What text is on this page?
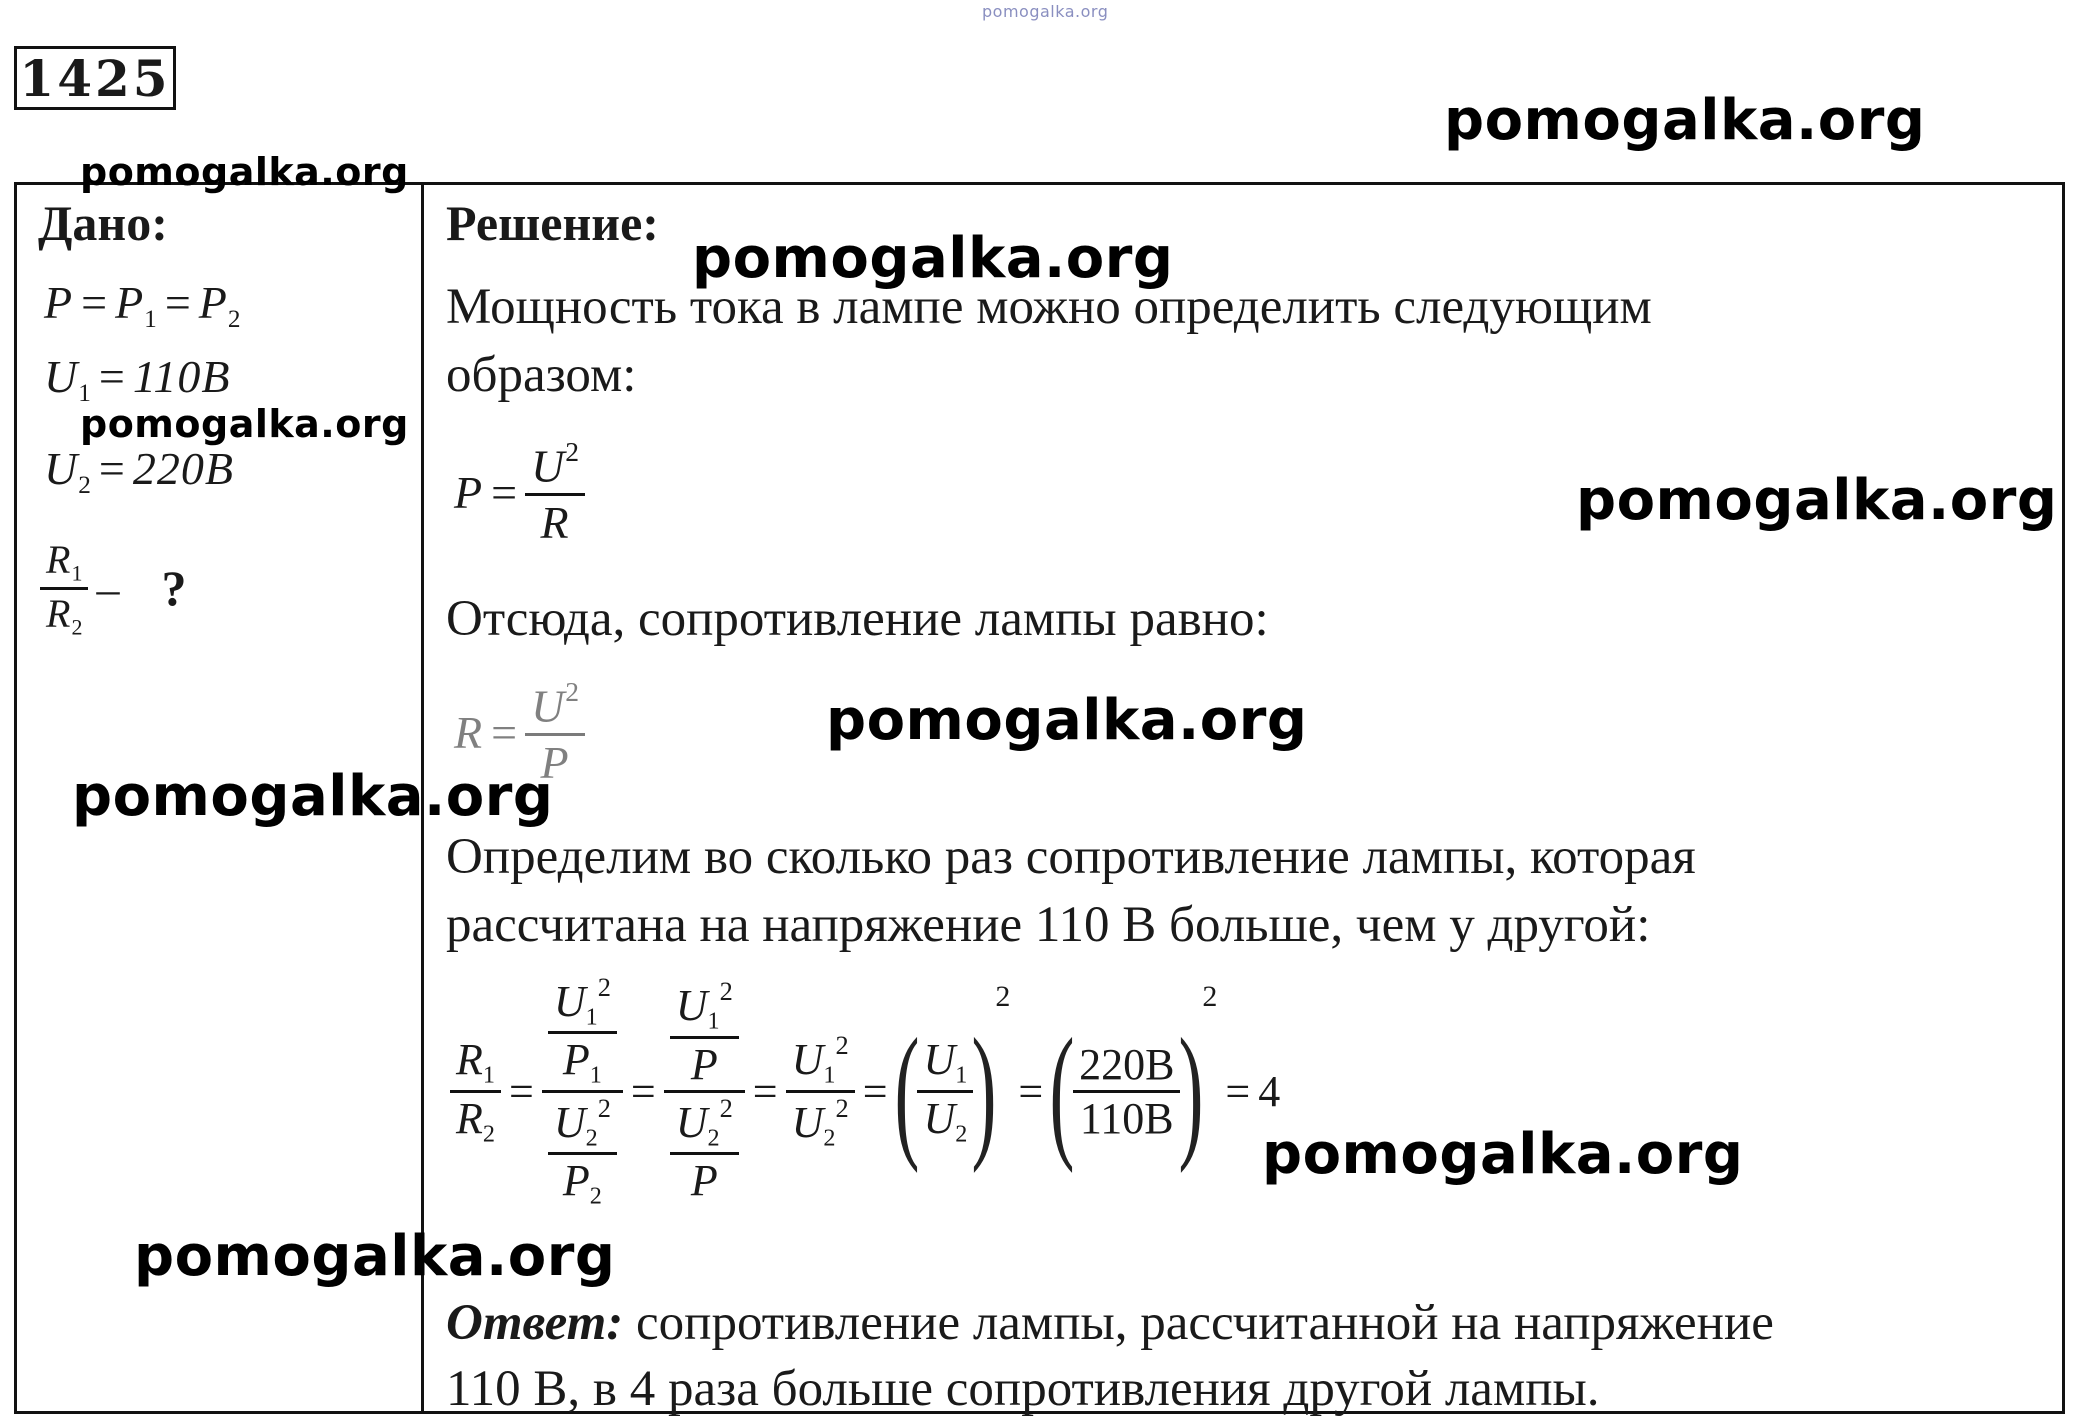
pomogalka.org
1425
Дано:
$P = P_1 = P_2$
$U_1 = 110B$
$U_2 = 220B$
$\frac{R_1}{R_2}$ – ?
Решение:
Мощность тока в лампе можно определить следующим
образом:
$P = \frac{U^2}{R}$
Отсюда, сопротивление лампы равно:
$R = \frac{U^2}{P}$
Определим во сколько раз сопротивление лампы, которая
рассчитана на напряжение 110 В больше, чем у другой:
$\frac{R_1}{R_2} = \frac{\frac{U_1^2}{P_1}}{\frac{U_2^2}{P_2}} = \frac{\frac{U_1^2}{P}}{\frac{U_2^2}{P}} = \frac{U_1^2}{U_2^2}$ = (
$\frac{U_1}{U_2}$
)
2
= (
$\frac{220B}{110B}$
)
2
= 4
Ответ: сопротивление лампы, рассчитанной на напряжение
110 В, в 4 раза больше сопротивления другой лампы.
pomogalka.org
pomogalka.org
pomogalka.org
pomogalka.org
pomogalka.org
pomogalka.org
pomogalka.org
pomogalka.org
pomogalka.org
